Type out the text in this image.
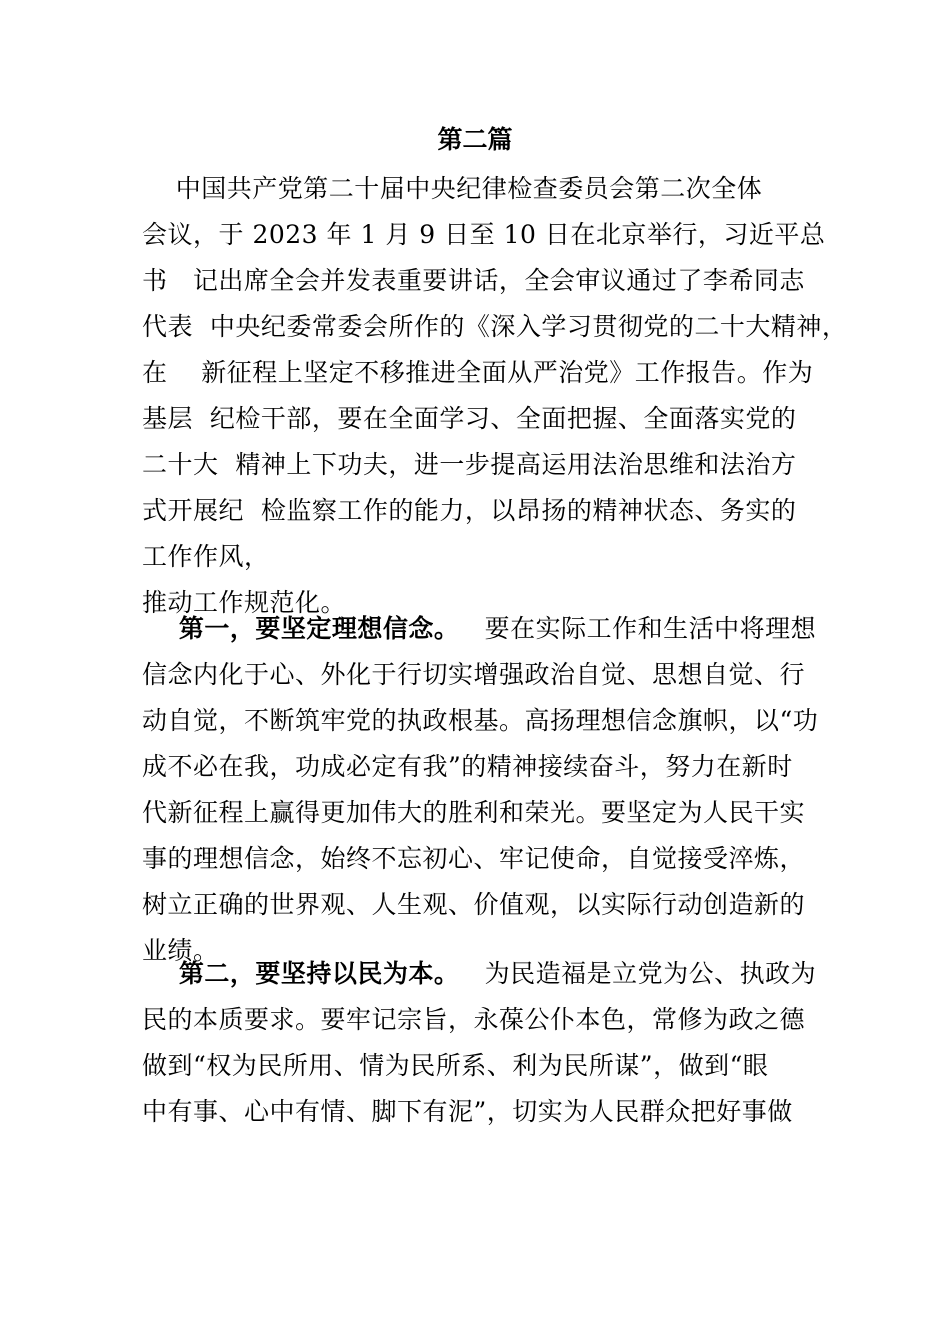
第二篇
中国共产党第二十届中央纪律检查委员会第二次全体
会议，于 2023 年 1 月 9 日至 10 日在北京举行，习近平总
书   记出席全会并发表重要讲话，全会审议通过了李希同志
代表  中央纪委常委会所作的《深入学习贯彻党的二十大精神，
在    新征程上坚定不移推进全面从严治党》工作报告。作为
基层  纪检干部，要在全面学习、全面把握、全面落实党的
二十大  精神上下功夫，进一步提高运用法治思维和法治方
式开展纪  检监察工作的能力，以昂扬的精神状态、务实的
工作作风，
推动工作规范化。
第一，要坚定理想信念。   要在实际工作和生活中将理想
信念内化于心、外化于行切实增强政治自觉、思想自觉、行
动自觉，不断筑牢党的执政根基。高扬理想信念旗帜，以“功
成不必在我，功成必定有我”的精神接续奋斗，努力在新时
代新征程上赢得更加伟大的胜利和荣光。要坚定为人民干实
事的理想信念，始终不忘初心、牢记使命，自觉接受淬炼，
树立正确的世界观、人生观、价值观，以实际行动创造新的
业绩。
第二，要坚持以民为本。   为民造福是立党为公、执政为
民的本质要求。要牢记宗旨，永葆公仆本色，常修为政之德
做到“权为民所用、情为民所系、利为民所谋”，做到“眼
中有事、心中有情、脚下有泥”，切实为人民群众把好事做
